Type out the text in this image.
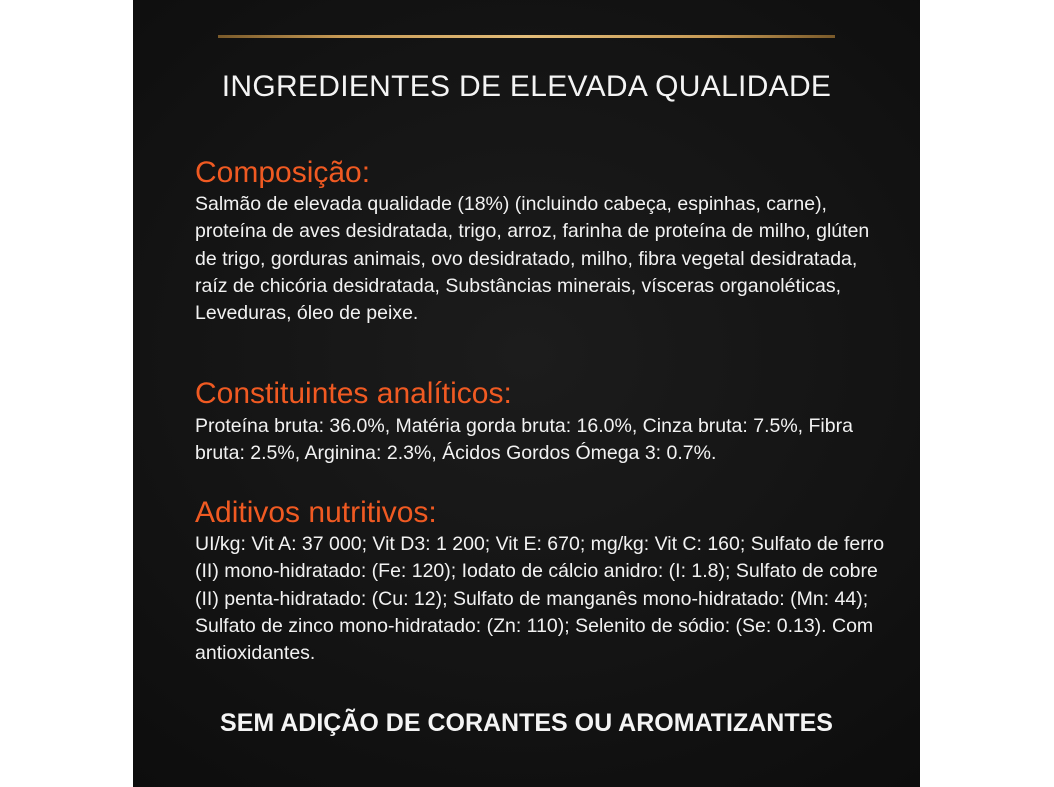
INGREDIENTES DE ELEVADA QUALIDADE
Composição:
Salmão de elevada qualidade (18%) (incluindo cabeça, espinhas, carne), proteína de aves desidratada, trigo, arroz, farinha de proteína de milho, glúten de trigo, gorduras animais, ovo desidratado, milho, fibra vegetal desidratada, raíz de chicória desidratada, Substâncias minerais, vísceras organoléticas, Leveduras, óleo de peixe.
Constituintes analíticos:
Proteína bruta: 36.0%, Matéria gorda bruta: 16.0%, Cinza bruta: 7.5%, Fibra bruta: 2.5%, Arginina: 2.3%, Ácidos Gordos Ómega 3: 0.7%.
Aditivos nutritivos:
UI/kg: Vit A: 37 000; Vit D3: 1 200; Vit E: 670; mg/kg: Vit C: 160; Sulfato de ferro (II) mono-hidratado: (Fe: 120); Iodato de cálcio anidro: (I: 1.8); Sulfato de cobre (II) penta-hidratado: (Cu: 12); Sulfato de manganês mono-hidratado: (Mn: 44); Sulfato de zinco mono-hidratado: (Zn: 110); Selenito de sódio: (Se: 0.13). Com antioxidantes.
SEM ADIÇÃO DE CORANTES OU AROMATIZANTES
